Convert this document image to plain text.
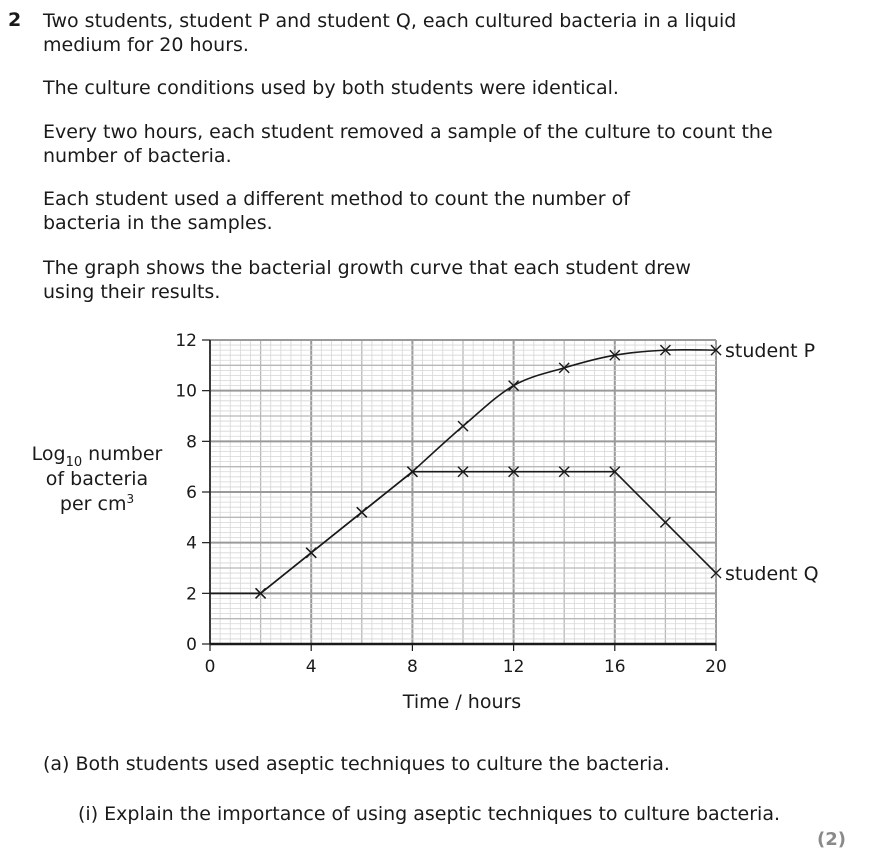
2 Two students, student P and student Q, each cultured bacteria in a liquid medium for 20 hours.

The culture conditions used by both students were identical.

Every two hours, each student removed a sample of the culture to count the number of bacteria.

Each student used a different method to count the number of bacteria in the samples.

The graph shows the bacterial growth curve that each student drew using their results.

0	4	8	12	16	20
0
2
4
6
8
10
12	student P
student Q
Time / hours
Log$_{10}$ number
of bacteria
per $cm^3$
(a) Both students used aseptic techniques to culture the bacteria.
(i) Explain the importance of using aseptic techniques to culture bacteria.
(2)
